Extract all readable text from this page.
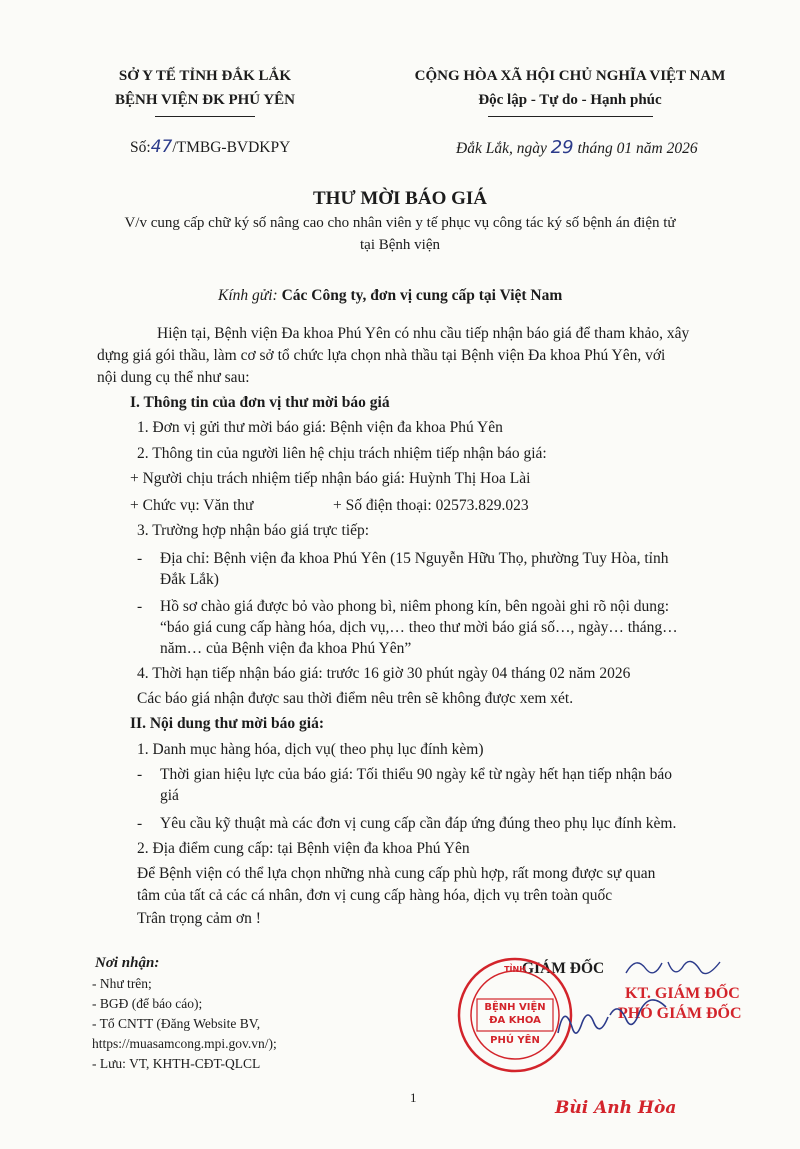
SỞ Y TẾ TỈNH ĐẮK LẮK
BỆNH VIỆN ĐK PHÚ YÊN
CỘNG HÒA XÃ HỘI CHỦ NGHĨA VIỆT NAM
Độc lập - Tự do - Hạnh phúc
Số:47/TMBG-BVDKPY	Đắk Lắk, ngày 29 tháng 01 năm 2026
THƯ MỜI BÁO GIÁ
V/v cung cấp chữ ký số nâng cao cho nhân viên y tế phục vụ công tác ký số bệnh án điện tử
tại Bệnh viện
Kính gửi: Các Công ty, đơn vị cung cấp tại Việt Nam
Hiện tại, Bệnh viện Đa khoa Phú Yên có nhu cầu tiếp nhận báo giá để tham khảo, xây
dựng giá gói thầu, làm cơ sở tổ chức lựa chọn nhà thầu tại Bệnh viện Đa khoa Phú Yên, với
nội dung cụ thể như sau:
I. Thông tin của đơn vị thư mời báo giá
1. Đơn vị gửi thư mời báo giá: Bệnh viện đa khoa Phú Yên
2. Thông tin của người liên hệ chịu trách nhiệm tiếp nhận báo giá:
+ Người chịu trách nhiệm tiếp nhận báo giá: Huỳnh Thị Hoa Lài
+ Chức vụ: Văn thư	+ Số điện thoại: 02573.829.023
3. Trường hợp nhận báo giá trực tiếp:
- Địa chỉ: Bệnh viện đa khoa Phú Yên (15 Nguyễn Hữu Thọ, phường Tuy Hòa, tỉnh
Đắk Lắk)
- Hồ sơ chào giá được bỏ vào phong bì, niêm phong kín, bên ngoài ghi rõ nội dung:
“báo giá cung cấp hàng hóa, dịch vụ,… theo thư mời báo giá số…, ngày… tháng…
năm… của Bệnh viện đa khoa Phú Yên”
4. Thời hạn tiếp nhận báo giá: trước 16 giờ 30 phút ngày 04 tháng 02 năm 2026
Các báo giá nhận được sau thời điểm nêu trên sẽ không được xem xét.
II. Nội dung thư mời báo giá:
1. Danh mục hàng hóa, dịch vụ( theo phụ lục đính kèm)
- Thời gian hiệu lực của báo giá: Tối thiểu 90 ngày kể từ ngày hết hạn tiếp nhận báo
giá
- Yêu cầu kỹ thuật mà các đơn vị cung cấp cần đáp ứng đúng theo phụ lục đính kèm.
2. Địa điểm cung cấp: tại Bệnh viện đa khoa Phú Yên
Để Bệnh viện có thể lựa chọn những nhà cung cấp phù hợp, rất mong được sự quan
tâm của tất cả các cá nhân, đơn vị cung cấp hàng hóa, dịch vụ trên toàn quốc
Trân trọng cảm ơn !
Nơi nhận:
- Như trên;
- BGĐ (để báo cáo);
- Tổ CNTT (Đăng Website BV,
https://muasamcong.mpi.gov.vn/);
- Lưu: VT, KHTH-CĐT-QLCL
GIÁM ĐỐC
KT. GIÁM ĐỐC
PHÓ GIÁM ĐỐC
TỈNH
BỆNH VIỆN
ĐA KHOA
PHÚ YÊN
Bùi Anh Hòa
1
